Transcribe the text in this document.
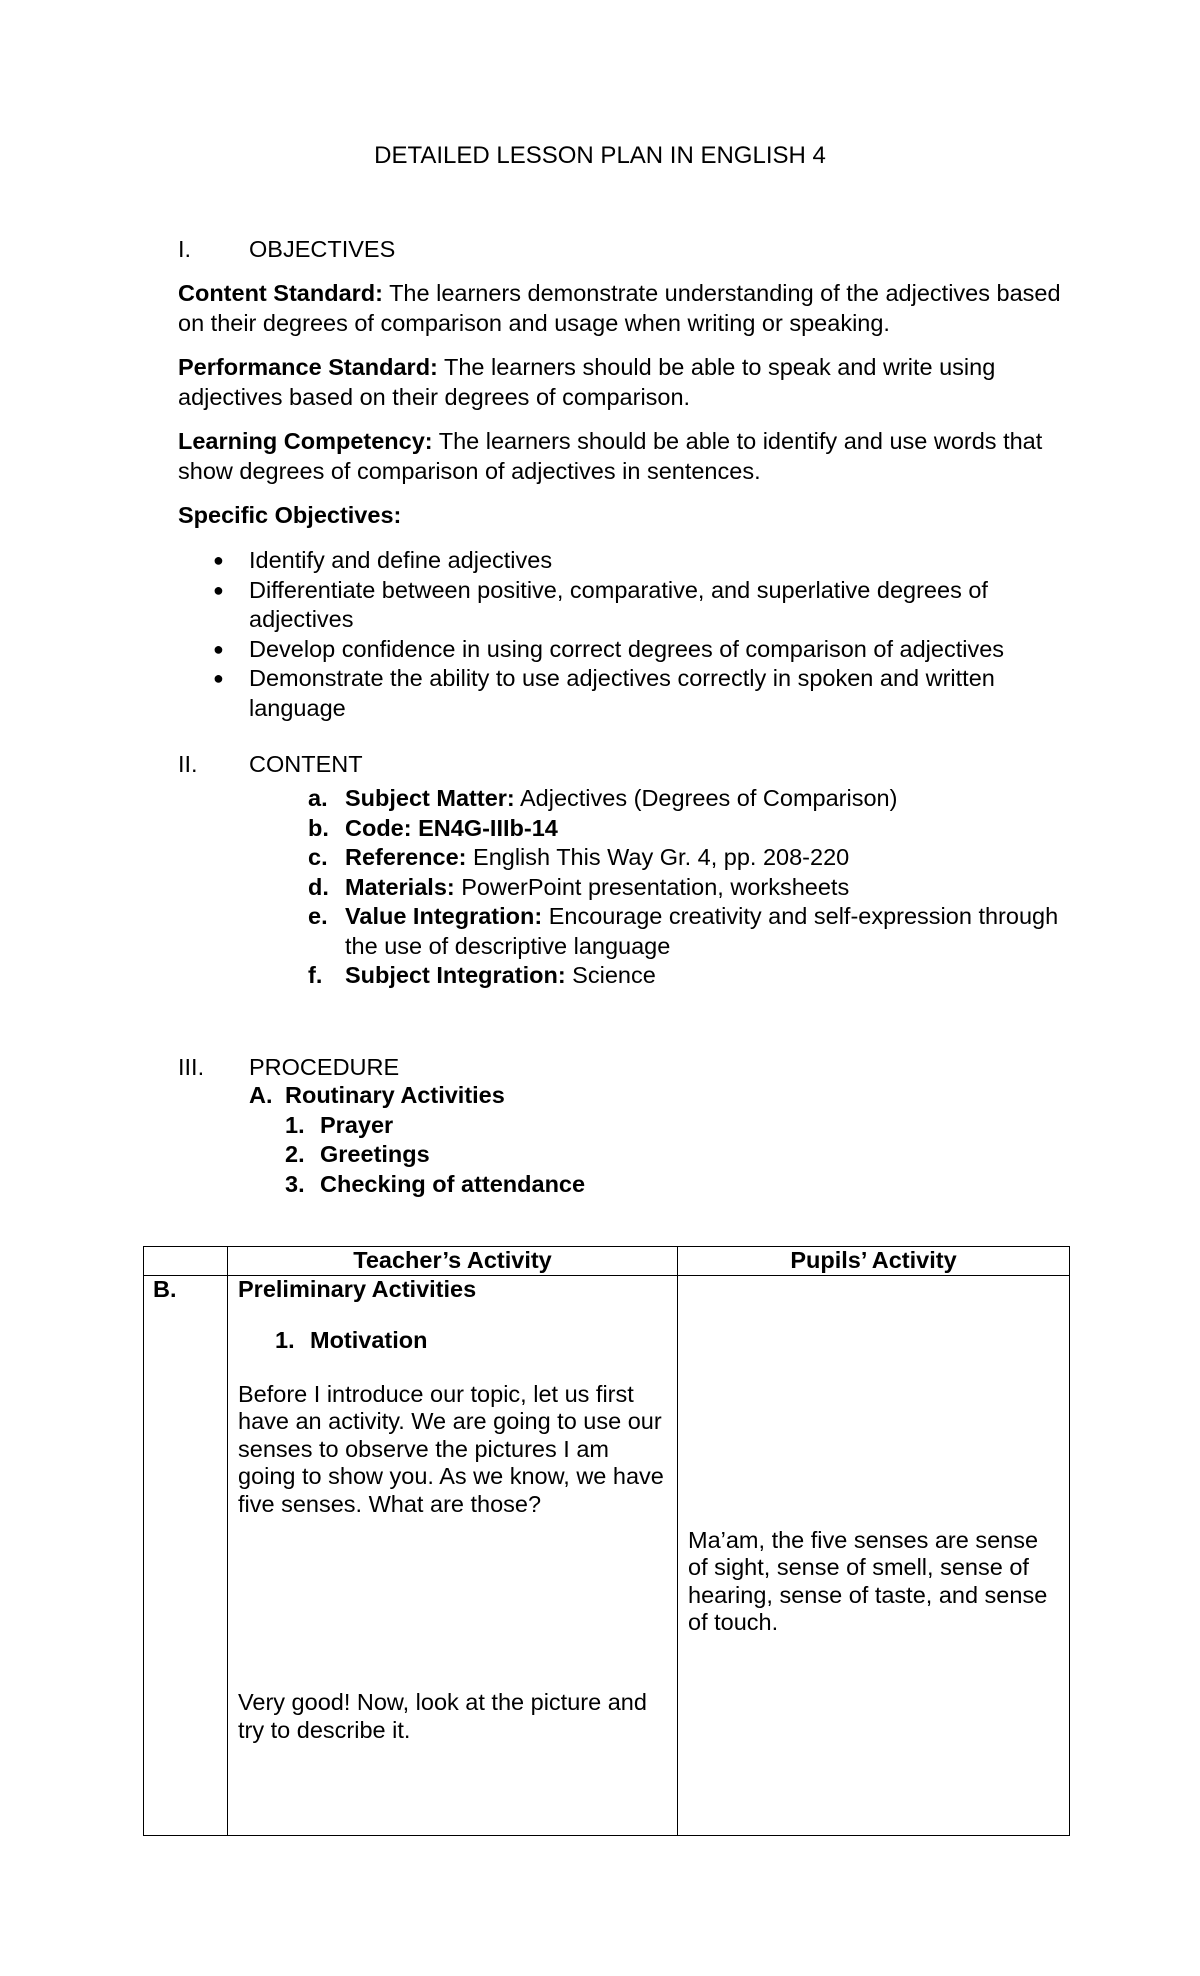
DETAILED LESSON PLAN IN ENGLISH 4
I. OBJECTIVES
Content Standard: The learners demonstrate understanding of the adjectives based on their degrees of comparison and usage when writing or speaking.
Performance Standard: The learners should be able to speak and write using adjectives based on their degrees of comparison.
Learning Competency: The learners should be able to identify and use words that show degrees of comparison of adjectives in sentences.
Specific Objectives:
● Identify and define adjectives
● Differentiate between positive, comparative, and superlative degrees of adjectives
● Develop confidence in using correct degrees of comparison of adjectives
● Demonstrate the ability to use adjectives correctly in spoken and written language
II. CONTENT
a. Subject Matter: Adjectives (Degrees of Comparison)
b. Code: EN4G-IIIb-14
c. Reference: English This Way Gr. 4, pp. 208-220
d. Materials: PowerPoint presentation, worksheets
e. Value Integration: Encourage creativity and self-expression through the use of descriptive language
f. Subject Integration: Science
III. PROCEDURE
A. Routinary Activities
1. Prayer
2. Greetings
3. Checking of attendance
	Teacher’s Activity	Pupils’ Activity
B.	Preliminary Activities
1. Motivation

Before I introduce our topic, let us first have an activity. We are going to use our senses to observe the pictures I am going to show you. As we know, we have five senses. What are those?

Very good! Now, look at the picture and try to describe it.	Ma’am, the five senses are sense of sight, sense of smell, sense of hearing, sense of taste, and sense of touch.
